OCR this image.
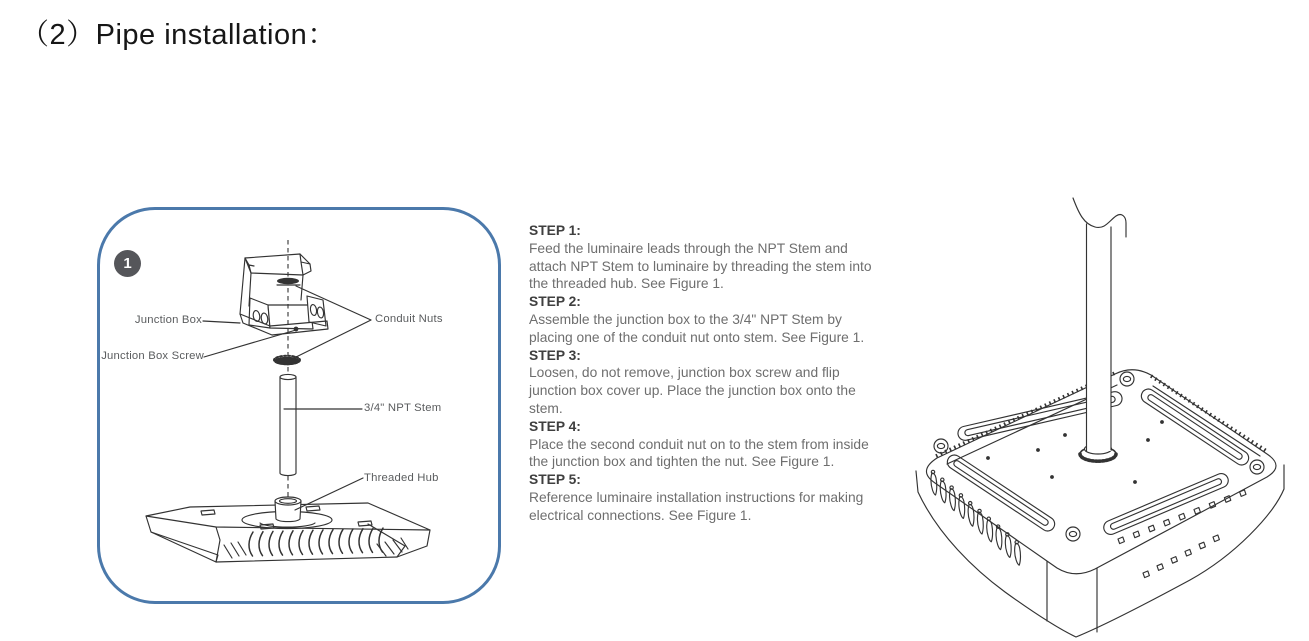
（2）Pipe installation：
1
Junction Box
Junction Box Screw
Conduit Nuts
3/4" NPT Stem
Threaded Hub
STEP 1:
Feed the luminaire leads through the NPT Stem and attach NPT Stem to luminaire by threading the stem into the threaded hub. See Figure 1.
STEP 2:
Assemble the junction box to the 3/4" NPT Stem by placing one of the conduit nut onto stem. See Figure 1.
STEP 3:
Loosen, do not remove, junction box screw and flip junction box cover up. Place the junction box onto the stem.
STEP 4:
Place the second conduit nut on to the stem from inside the junction box and tighten the nut. See Figure 1.
STEP 5:
Reference luminaire installation instructions for making electrical connections. See Figure 1.
